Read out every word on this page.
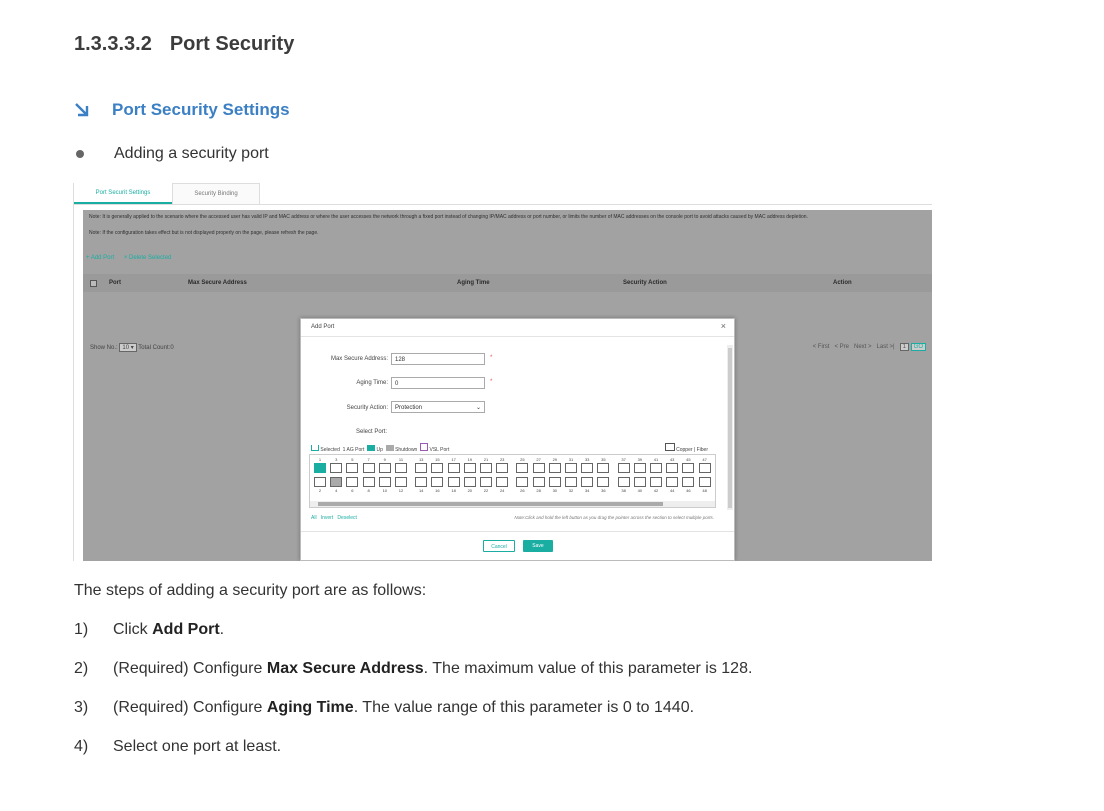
1.3.3.3.2 Port Security
Port Security Settings
Adding a security port
Port Securit Settings	Security Binding
Note: It is generally applied to the scenario where the accessed user has valid IP and MAC address or where the user accesses the network through a fixed port instead of changing IP/MAC address or port number, or limits the number of MAC addresses on the console port to avoid attacks caused by MAC address depletion.
Note: If the configuration takes effect but is not displayed properly on the page, please refresh the page.
+ Add Port × Delete Selected
Port	Max Secure Address	Aging Time	Security Action	Action
Show No.: 10 ▾ Total Count:0	< First < Pre Next > Last >| 1 GO
Add Port	×
Max Secure Address:	128	*
Aging Time:	0	*
Security Action:	Protection	⌄
Select Port:
Selected 1 AG Port Up Shutdown VSL Port	Copper | Fiber
1	3	5	7	9	11	13	15	17	19	21	23	25	27	29	31	33	35	37	39	41	43	45	47
2	4	6	8	10	12	14	16	18	20	22	24	26	28	30	32	34	36	38	40	42	44	46	48
All Invert Deselect	Note:Click and hold the left button as you drag the pointer across the section to select multiple ports.
Cancel	Save
The steps of adding a security port are as follows:
1) Click Add Port.
2) (Required) Configure Max Secure Address. The maximum value of this parameter is 128.
3) (Required) Configure Aging Time. The value range of this parameter is 0 to 1440.
4) Select one port at least.
